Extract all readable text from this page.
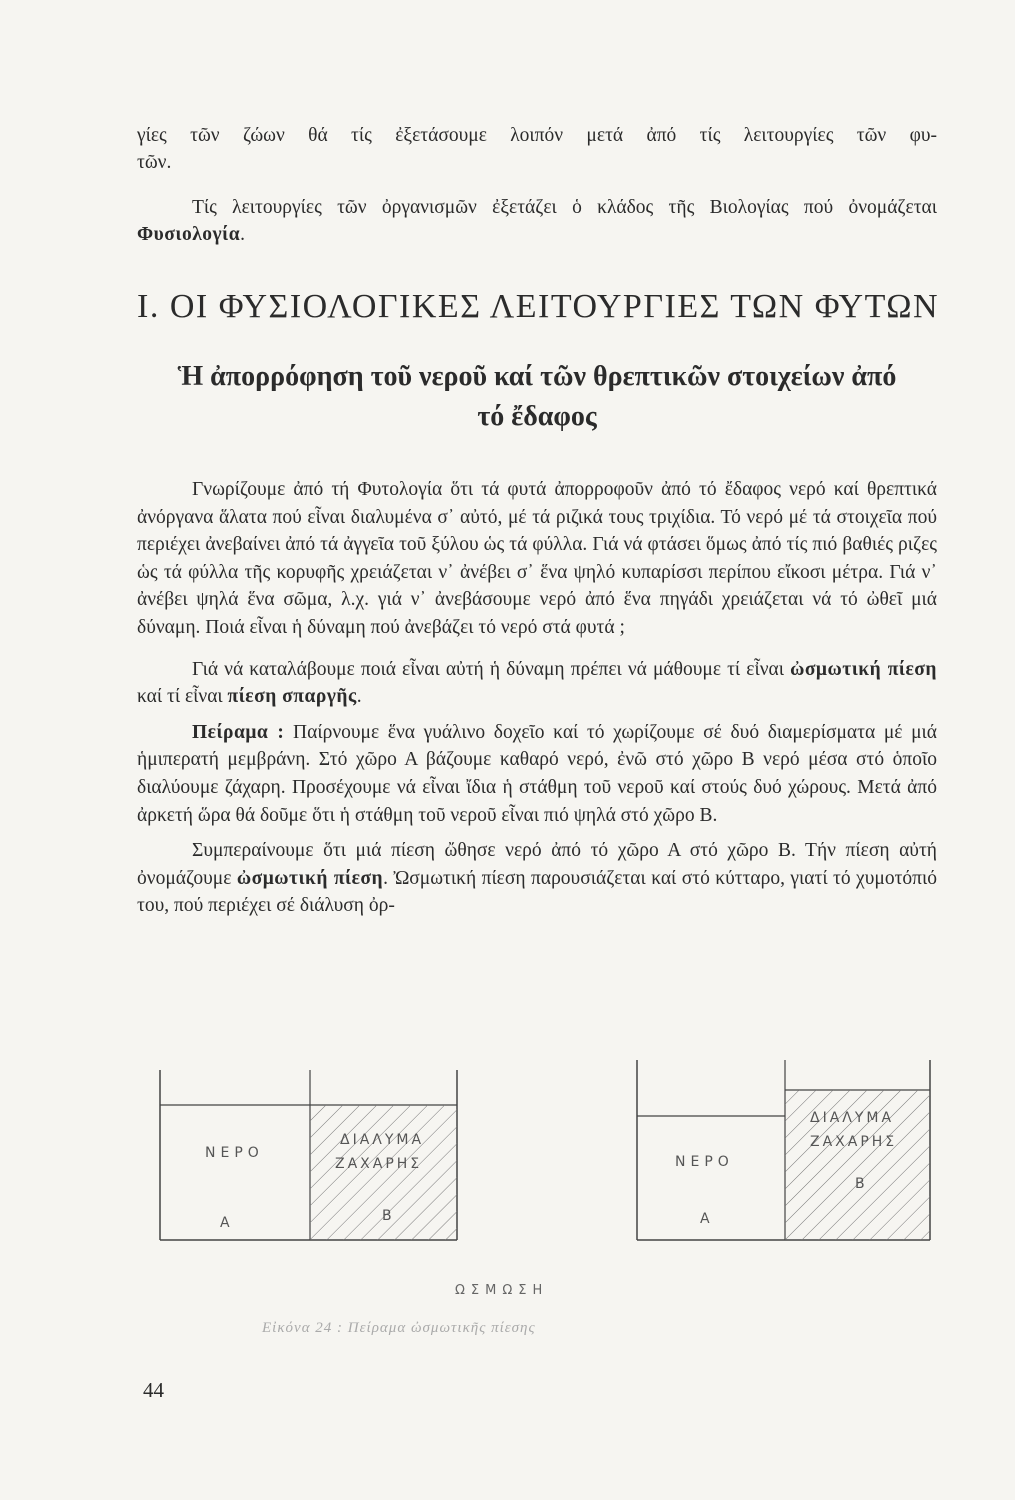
γίες τῶν ζώων θά τίς ἐξετάσουμε λοιπόν μετά ἀπό τίς λειτουργίες τῶν φυ-

τῶν.

Τίς λειτουργίες τῶν ὀργανισμῶν ἐξετάζει ὁ κλάδος τῆς Βιολογίας πού ὀνομάζεται Φυσιολογία.

I. ΟΙ ΦΥΣΙΟΛΟΓΙΚΕΣ ΛΕΙΤΟΥΡΓΙΕΣ ΤΩΝ ΦΥΤΩΝ
Ἡ ἀπορρόφηση τοῦ νεροῦ καί τῶν θρεπτικῶν στοιχείων ἀπό
τό ἔδαφος

Γνωρίζουμε ἀπό τή Φυτολογία ὅτι τά φυτά ἀπορροφοῦν ἀπό τό ἔδαφος νερό καί θρεπτικά ἀνόργανα ἅλατα πού εἶναι διαλυμένα σ᾽ αὐτό, μέ τά ριζικά τους τριχίδια. Τό νερό μέ τά στοιχεῖα πού περιέχει ἀνεβαίνει ἀπό τά ἀγγεῖα τοῦ ξύλου ὡς τά φύλλα. Γιά νά φτάσει ὅμως ἀπό τίς πιό βαθιές ριζες ὡς τά φύλλα τῆς κορυφῆς χρειάζεται ν᾽ ἀνέβει σ᾽ ἕνα ψηλό κυπαρίσσι περίπου εἴκοσι μέτρα. Γιά ν᾽ ἀνέβει ψηλά ἕνα σῶμα, λ.χ. γιά ν᾽ ἀνεβάσουμε νερό ἀπό ἕνα πηγάδι χρειάζεται νά τό ὠθεῖ μιά δύναμη. Ποιά εἶναι ἡ δύναμη πού ἀνεβάζει τό νερό στά φυτά ;

Γιά νά καταλάβουμε ποιά εἶναι αὐτή ἡ δύναμη πρέπει νά μάθουμε τί εἶναι ὠσμωτική πίεση καί τί εἶναι πίεση σπαργῆς.

Πείραμα : Παίρνουμε ἕνα γυάλινο δοχεῖο καί τό χωρίζουμε σέ δυό διαμερίσματα μέ μιά ἡμιπερατή μεμβράνη. Στό χῶρο Α βάζουμε καθαρό νερό, ἐνῶ στό χῶρο Β νερό μέσα στό ὁποῖο διαλύουμε ζάχαρη. Προσέχουμε νά εἶναι ἴδια ἡ στάθμη τοῦ νεροῦ καί στούς δυό χώρους. Μετά ἀπό ἀρκετή ὥρα θά δοῦμε ὅτι ἡ στάθμη τοῦ νεροῦ εἶναι πιό ψηλά στό χῶρο Β.

Συμπεραίνουμε ὅτι μιά πίεση ὤθησε νερό ἀπό τό χῶρο Α στό χῶρο Β. Τήν πίεση αὐτή ὀνομάζουμε ὠσμωτική πίεση. Ὠσμωτική πίεση παρουσιάζεται καί στό κύτταρο, γιατί τό χυμοτόπιό του, πού περιέχει σέ διάλυση ὀρ-

ΝΕΡΟ
Α
ΔΙΑΛΥΜΑ
ΖΑΧΑΡΗΣ
Β
ΝΕΡΟ
Α
ΔΙΑΛΥΜΑ
ΖΑΧΑΡΗΣ
Β
ΩΣΜΩΣΗ
Εἰκόνα 24 : Πείραμα ὠσμωτικῆς πίεσης
44
